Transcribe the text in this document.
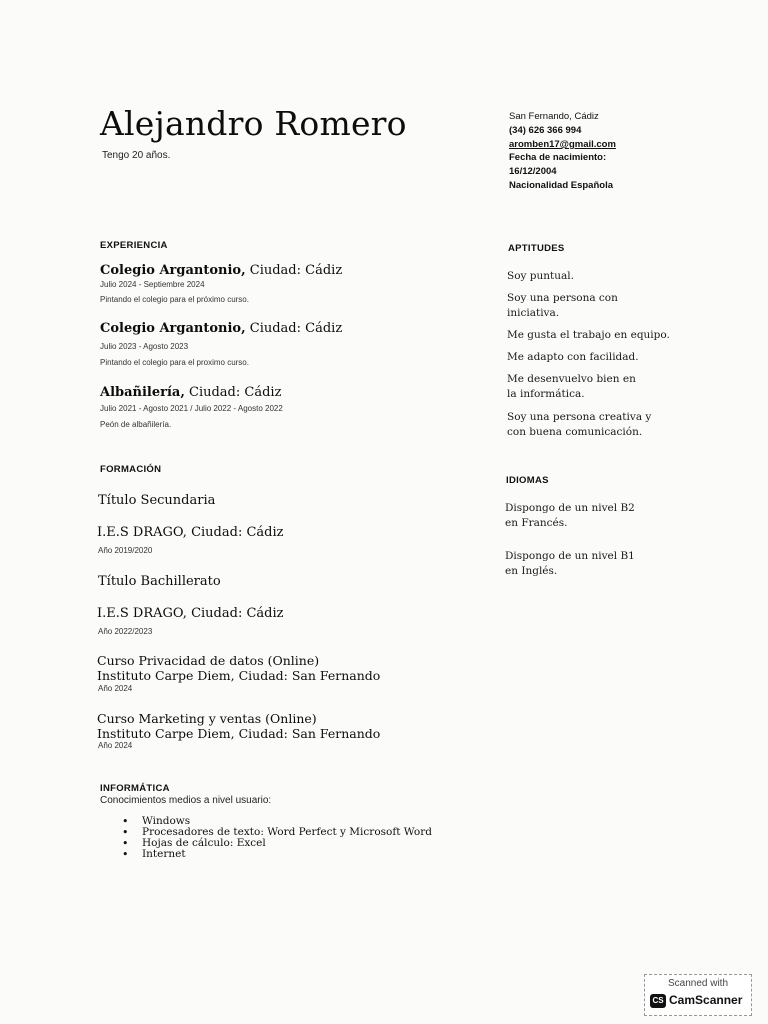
Alejandro Romero
Tengo 20 años.
San Fernando, Cádiz
(34) 626 366 994
aromben17@gmail.com
Fecha de nacimiento:
16/12/2004
Nacionalidad Española
EXPERIENCIA
Colegio Argantonio, Ciudad: Cádiz
Julio 2024 - Septiembre 2024
Pintando el colegio para el próximo curso.
Colegio Argantonio, Ciudad: Cádiz
Julio 2023 - Agosto 2023
Pintando el colegio para el proximo curso.
Albañilería, Ciudad: Cádiz
Julio 2021 - Agosto 2021 / Julio 2022 - Agosto 2022
Peón de albañilería.
FORMACIÓN
Título Secundaria
I.E.S DRAGO, Ciudad: Cádiz
Año 2019/2020
Título Bachillerato
I.E.S DRAGO, Ciudad: Cádiz
Año 2022/2023
Curso Privacidad de datos (Online)
Instituto Carpe Diem, Ciudad: San Fernando
Año 2024
Curso Marketing y ventas (Online)
Instituto Carpe Diem, Ciudad: San Fernando
Año 2024
INFORMÁTICA
Conocimientos medios a nivel usuario:
• Windows
• Procesadores de texto: Word Perfect y Microsoft Word
• Hojas de cálculo: Excel
• Internet
APTITUDES
Soy puntual.
Soy una persona con iniciativa.
Me gusta el trabajo en equipo.
Me adapto con facilidad.
Me desenvuelvo bien en la informática.
Soy una persona creativa y con buena comunicación.
IDIOMAS
Dispongo de un nivel B2 en Francés.
Dispongo de un nivel B1 en Inglés.
Scanned with
CS CamScanner
